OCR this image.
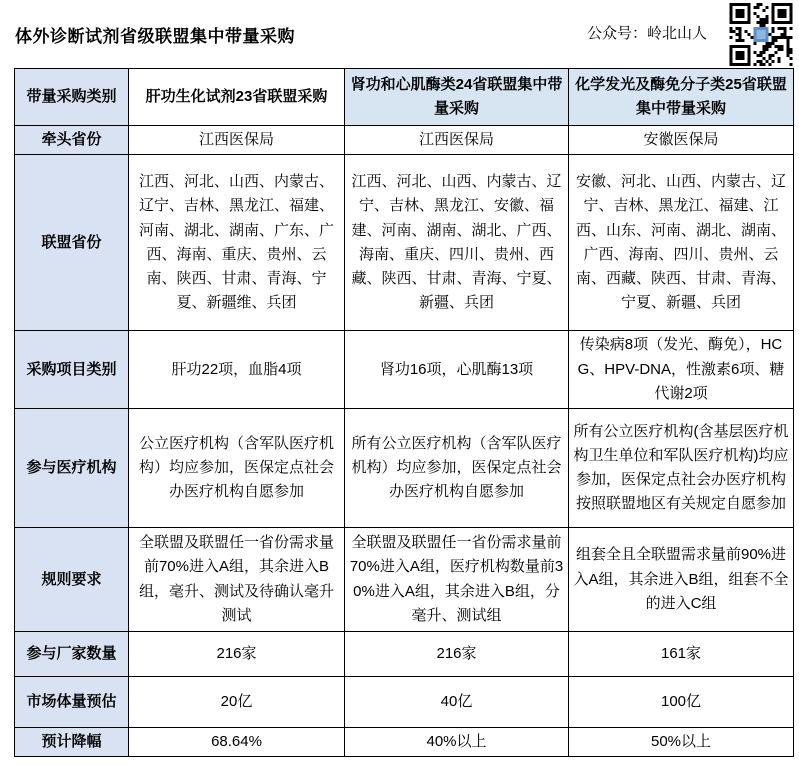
体外诊断试剂省级联盟集中带量采购	公众号：岭北山人
带量采购类别	肝功生化试剂23省联盟采购	肾功和心肌酶类24省联盟集中带量采购	化学发光及酶免分子类25省联盟集中带量采购
牵头省份	江西医保局	江西医保局	安徽医保局
联盟省份	江西、河北、山西、内蒙古、辽宁、吉林、黑龙江、福建、河南、湖北、湖南、广东、广西、海南、重庆、贵州、云南、陕西、甘肃、青海、宁夏、新疆维、兵团	江西、河北、山西、内蒙古、辽宁、吉林、黑龙江、安徽、福建、河南、湖南、湖北、广西、海南、重庆、四川、贵州、西藏、陕西、甘肃、青海、宁夏、新疆、兵团	安徽、河北、山西、内蒙古、辽宁、吉林、黑龙江、福建、江西、山东、河南、湖北、湖南、广西、海南、四川、贵州、云南、西藏、陕西、甘肃、青海、宁夏、新疆、兵团
采购项目类别	肝功22项，血脂4项	肾功16项，心肌酶13项	传染病8项（发光、酶免），HCG、HPV-DNA，性激素6项、糖代谢2项
参与医疗机构	公立医疗机构（含军队医疗机构）均应参加，医保定点社会办医疗机构自愿参加	所有公立医疗机构（含军队医疗机构）均应参加，医保定点社会办医疗机构自愿参加	所有公立医疗机构(含基层医疗机构卫生单位和军队医疗机构)均应参加，医保定点社会办医疗机构按照联盟地区有关规定自愿参加
规则要求	全联盟及联盟任一省份需求量前70%进入A组，其余进入B组，毫升、测试及待确认毫升测试	全联盟及联盟任一省份需求量前70%进入A组，医疗机构数量前30%进入A组，其余进入B组，分毫升、测试组	组套全且全联盟需求量前90%进入A组，其余进入B组，组套不全的进入C组
参与厂家数量	216家	216家	161家
市场体量预估	20亿	40亿	100亿
预计降幅	68.64%	40%以上	50%以上
